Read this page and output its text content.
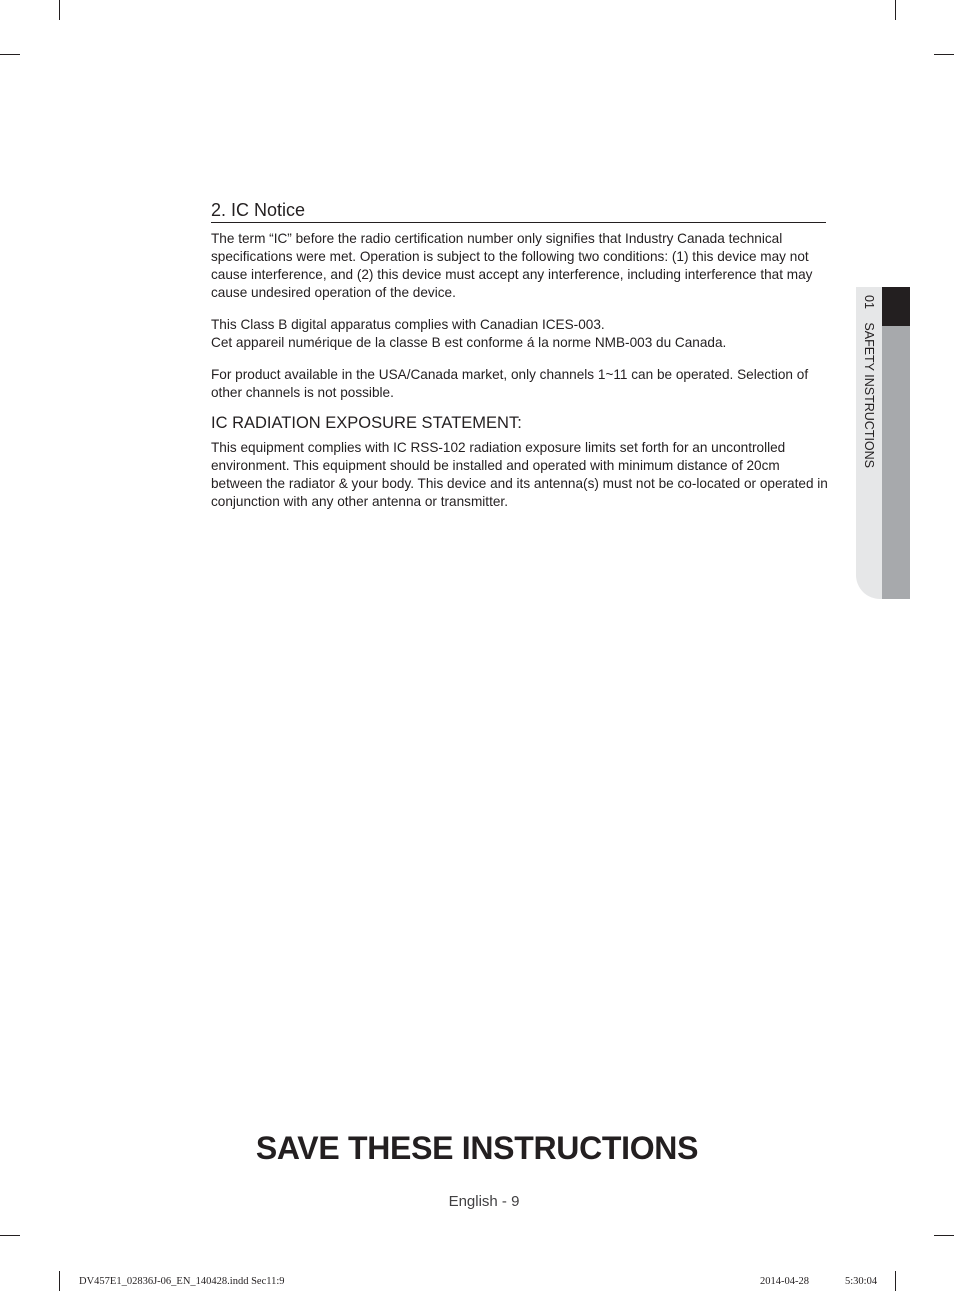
2. IC Notice

The term “IC” before the radio certification number only signifies that Industry Canada technical specifications were met. Operation is subject to the following two conditions: (1) this device may not cause interference, and (2) this device must accept any interference, including interference that may cause undesired operation of the device.

This Class B digital apparatus complies with Canadian ICES-003.

Cet appareil numérique de la classe B est conforme á la norme NMB-003 du Canada.

For product available in the USA/Canada market, only channels 1~11 can be operated. Selection of other channels is not possible.

IC RADIATION EXPOSURE STATEMENT:

This equipment complies with IC RSS-102 radiation exposure limits set forth for an uncontrolled environment. This equipment should be installed and operated with minimum distance of 20cm between the radiator & your body. This device and its antenna(s) must not be co-located or operated in conjunction with any other antenna or transmitter.

01 SAFETY INSTRUCTIONS
SAVE THESE INSTRUCTIONS
English - 9
DV457E1_02836J-06_EN_140428.indd Sec11:9	2014-04-28	5:30:04
